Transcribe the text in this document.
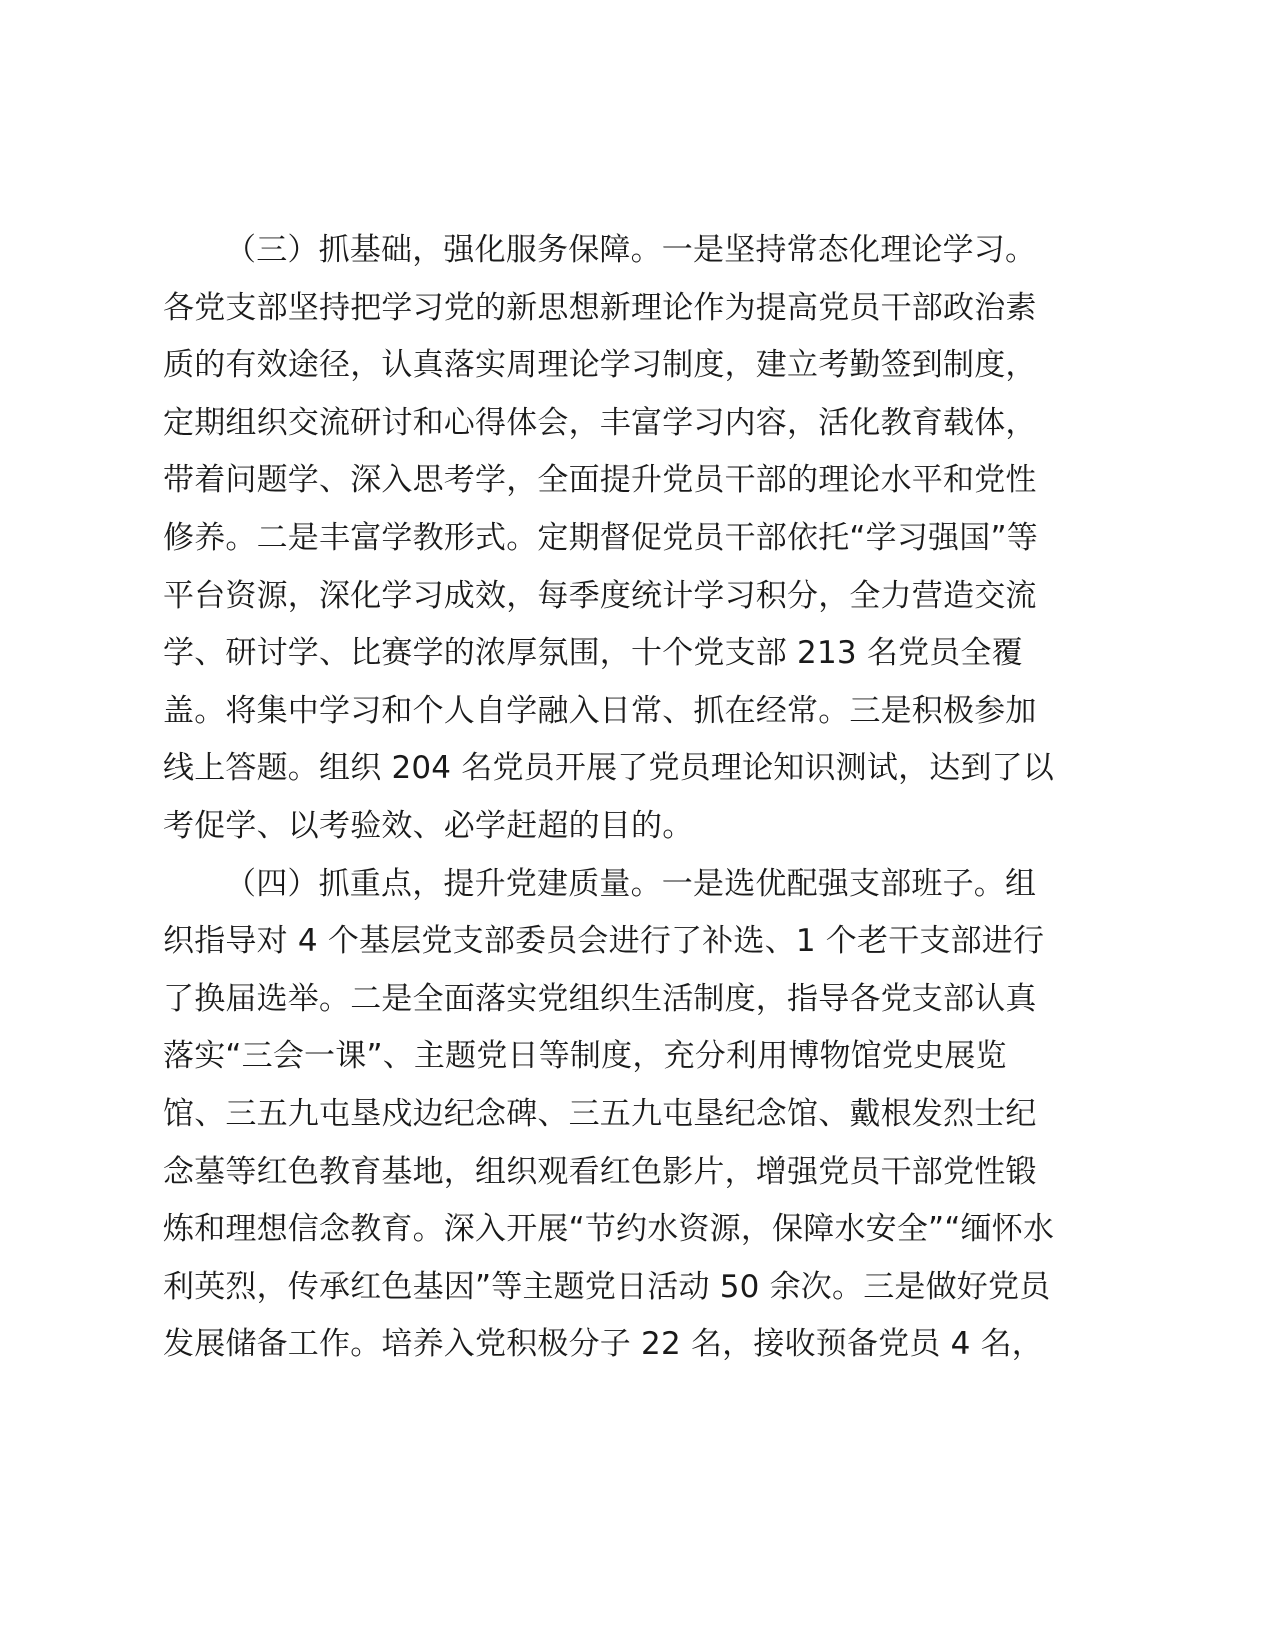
（三）抓基础，强化服务保障。一是坚持常态化理论学习。
各党支部坚持把学习党的新思想新理论作为提高党员干部政治素
质的有效途径，认真落实周理论学习制度，建立考勤签到制度，
定期组织交流研讨和心得体会，丰富学习内容，活化教育载体，
带着问题学、深入思考学，全面提升党员干部的理论水平和党性
修养。二是丰富学教形式。定期督促党员干部依托“学习强国”等
平台资源，深化学习成效，每季度统计学习积分，全力营造交流
学、研讨学、比赛学的浓厚氛围，十个党支部 213 名党员全覆
盖。将集中学习和个人自学融入日常、抓在经常。三是积极参加
线上答题。组织 204 名党员开展了党员理论知识测试，达到了以
考促学、以考验效、必学赶超的目的。
（四）抓重点，提升党建质量。一是选优配强支部班子。组
织指导对 4 个基层党支部委员会进行了补选、1 个老干支部进行
了换届选举。二是全面落实党组织生活制度，指导各党支部认真
落实“三会一课”、主题党日等制度，充分利用博物馆党史展览
馆、三五九屯垦戍边纪念碑、三五九屯垦纪念馆、戴根发烈士纪
念墓等红色教育基地，组织观看红色影片，增强党员干部党性锻
炼和理想信念教育。深入开展“节约水资源，保障水安全”“缅怀水
利英烈，传承红色基因”等主题党日活动 50 余次。三是做好党员
发展储备工作。培养入党积极分子 22 名，接收预备党员 4 名，
